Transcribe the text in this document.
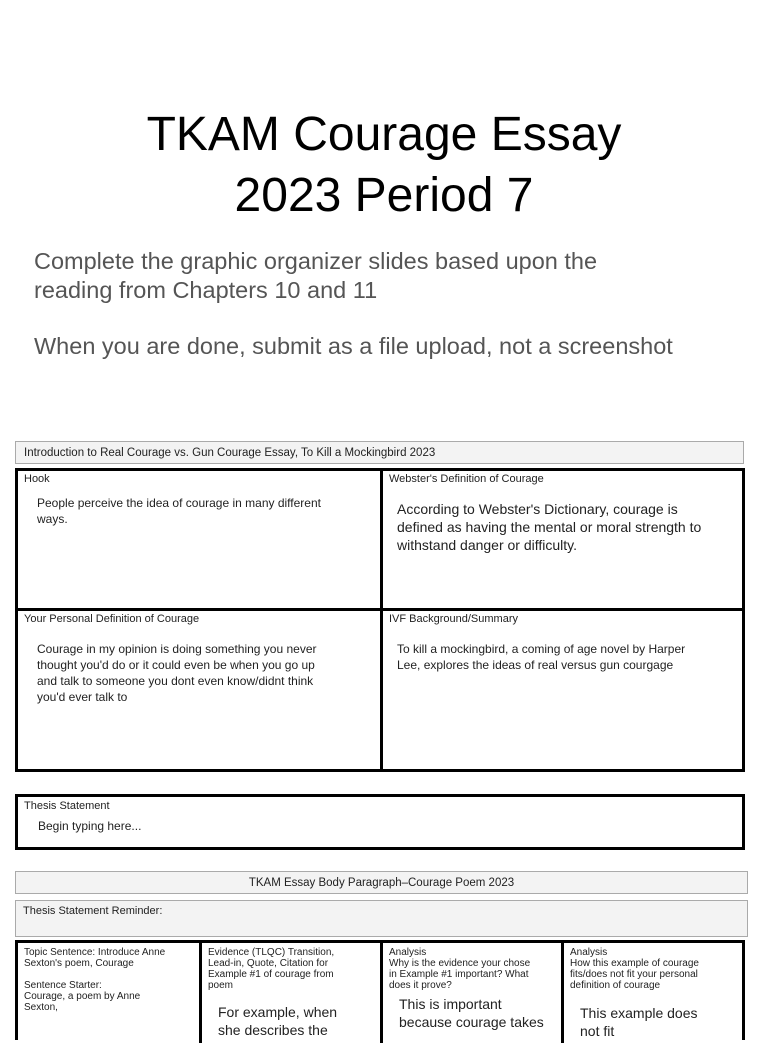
TKAM Courage Essay
2023 Period 7
Complete the graphic organizer slides based upon the
reading from Chapters 10 and 11
When you are done, submit as a file upload, not a screenshot
Introduction to Real Courage vs. Gun Courage Essay, To Kill a Mockingbird 2023
Hook
People perceive the idea of courage in many different
ways.
Webster's Definition of Courage
According to Webster's Dictionary, courage is
defined as having the mental or moral strength to
withstand danger or difficulty.
Your Personal Definition of Courage
Courage in my opinion is doing something you never
thought you'd do or it could even be when you go up
and talk to someone you dont even know/didnt think
you'd ever talk to
IVF Background/Summary
To kill a mockingbird, a coming of age novel by Harper
Lee, explores the ideas of real versus gun courgage
Thesis Statement
Begin typing here...
TKAM Essay Body Paragraph–Courage Poem 2023
Thesis Statement Reminder:
Topic Sentence: Introduce Anne
Sexton's poem, Courage
Sentence Starter:
Courage, a poem by Anne
Sexton,
Evidence (TLQC) Transition,
Lead-in, Quote, Citation for
Example #1 of courage from
poem
For example, when
she describes the
Analysis
Why is the evidence your chose
in Example #1 important? What
does it prove?
This is important
because courage takes
Analysis
How this example of courage
fits/does not fit your personal
definition of courage
This example does
not fit
